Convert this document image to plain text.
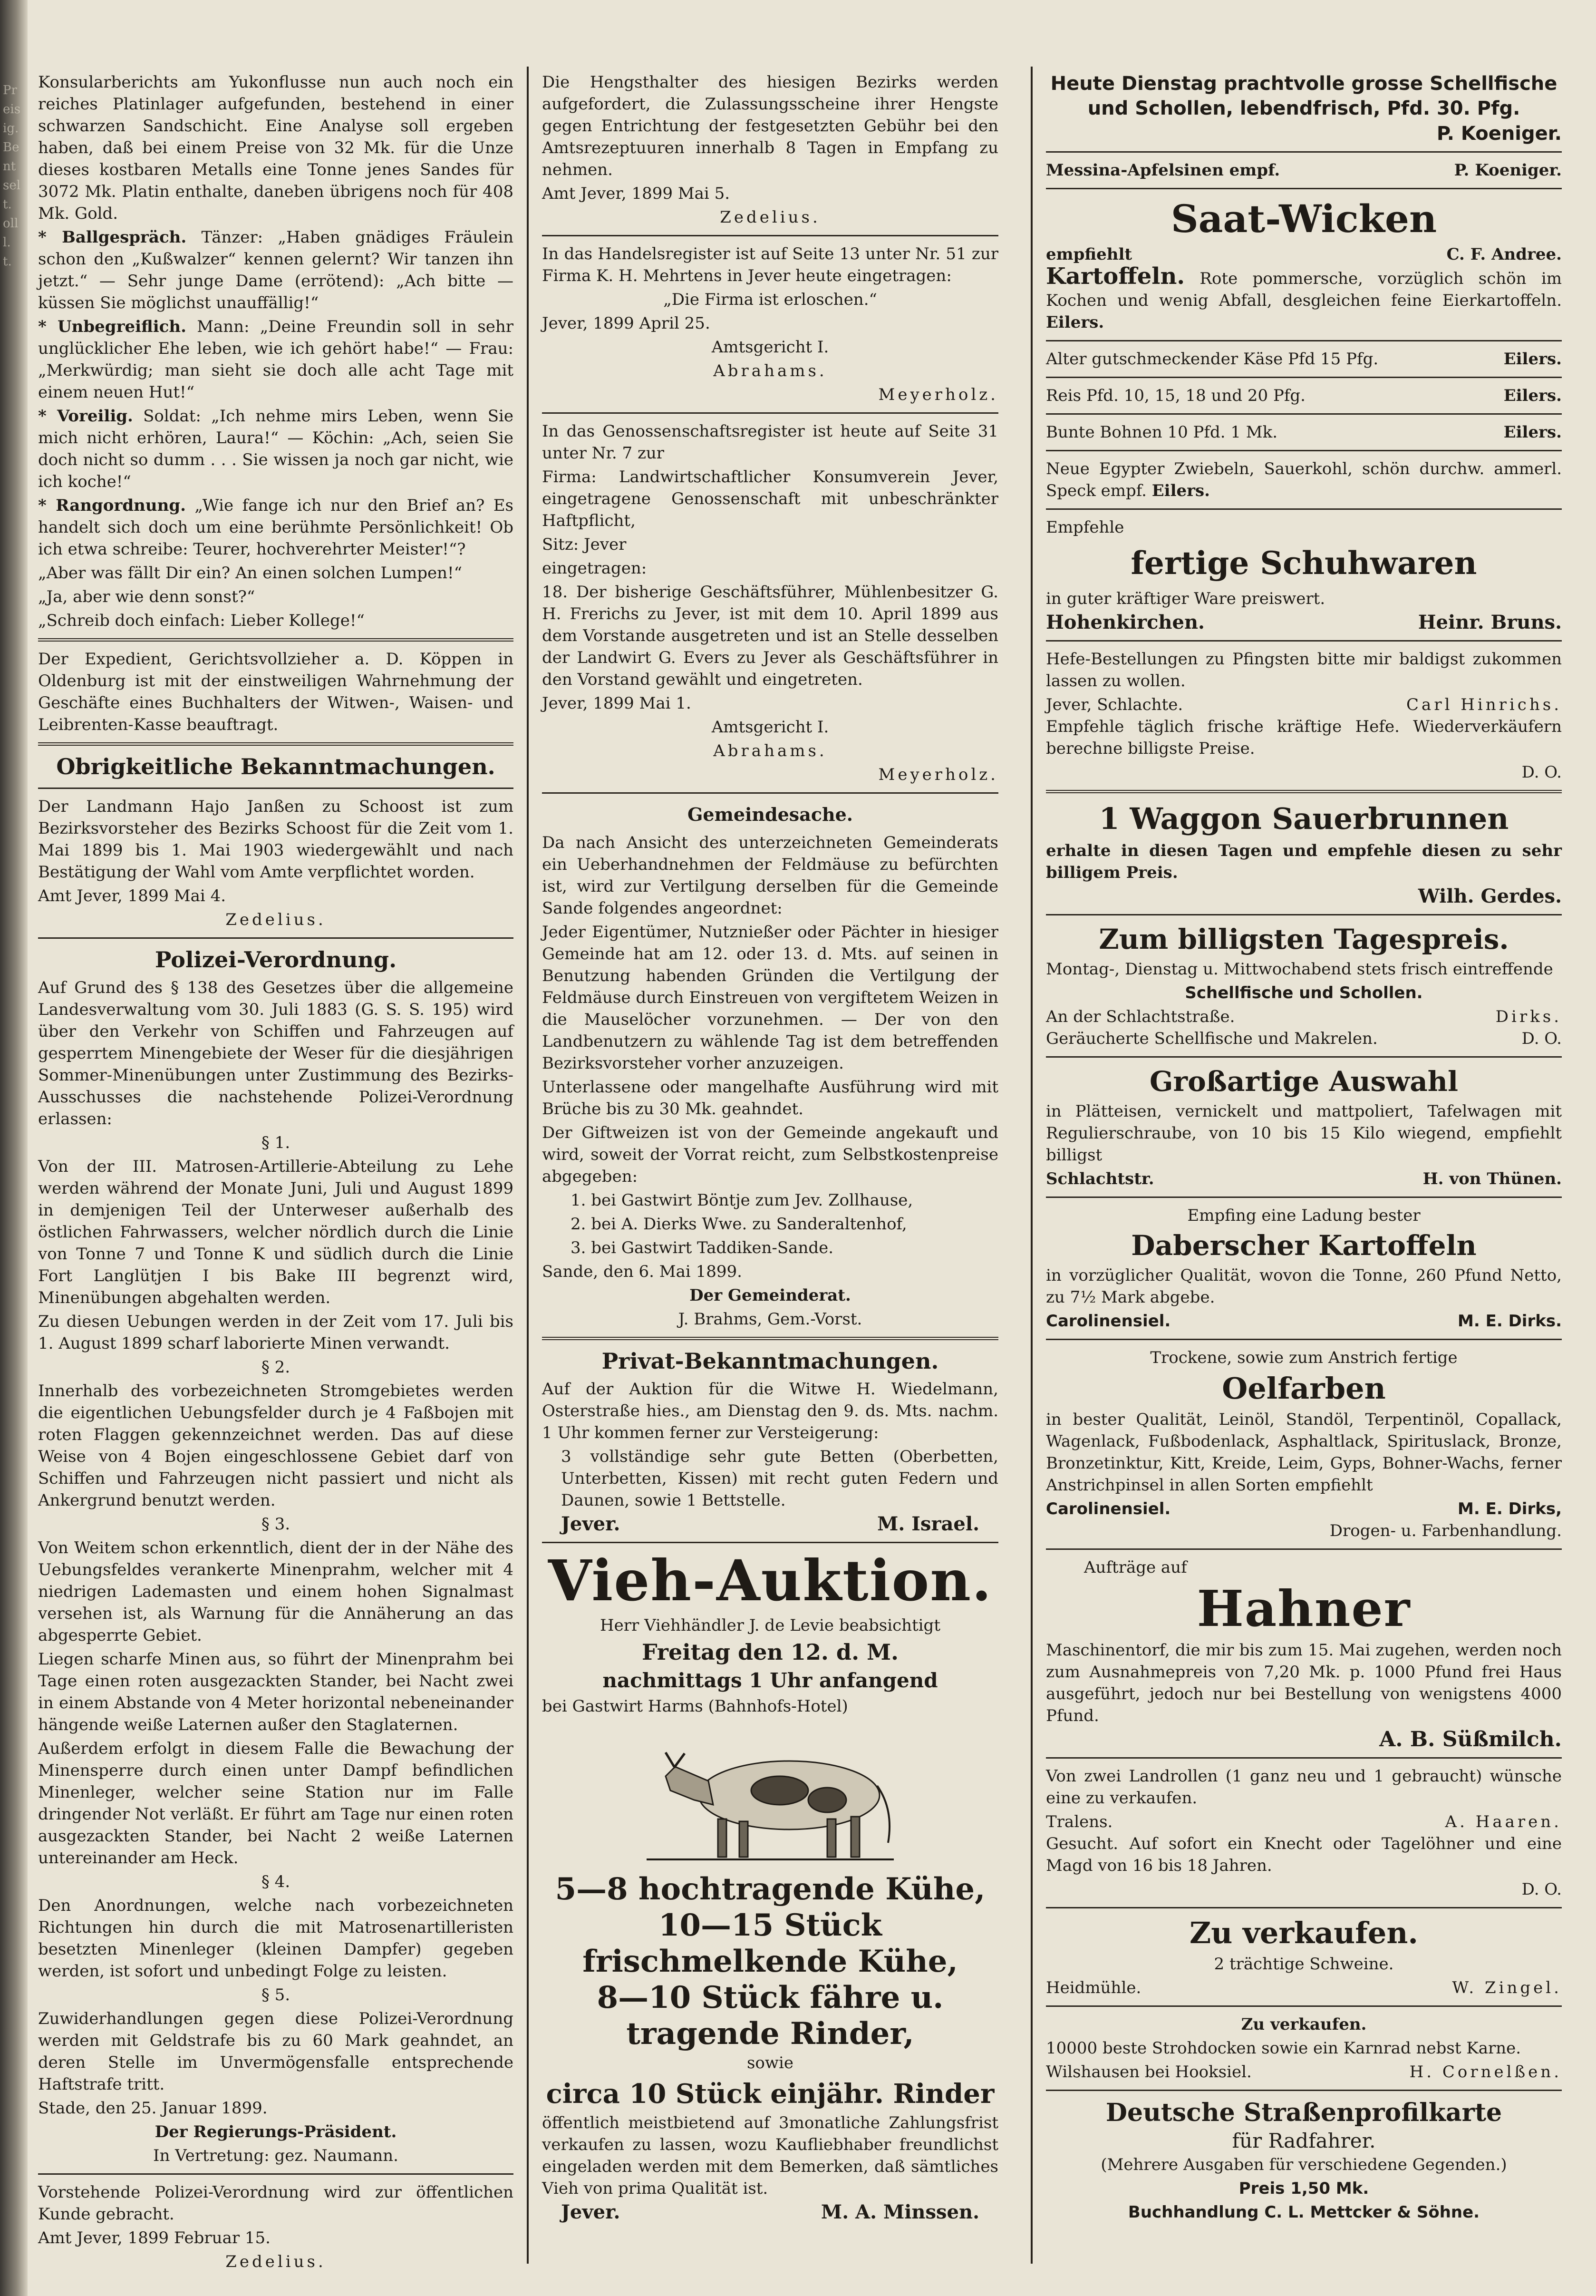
Preis ig. Be nt sel t. oll l. t.

Konsularberichts am Yukonflusse nun auch noch ein reiches Platinlager aufgefunden, bestehend in einer schwarzen Sandschicht. Eine Analyse soll ergeben haben, daß bei einem Preise von 32 Mk. für die Unze dieses kostbaren Metalls eine Tonne jenes Sandes für 3072 Mk. Platin enthalte, daneben übrigens noch für 408 Mk. Gold.

* Ballgespräch. Tänzer: „Haben gnädiges Fräulein schon den „Kußwalzer“ kennen gelernt? Wir tanzen ihn jetzt.“ — Sehr junge Dame (errötend): „Ach bitte — küssen Sie möglichst unauffällig!“

* Unbegreiflich. Mann: „Deine Freundin soll in sehr unglücklicher Ehe leben, wie ich gehört habe!“ — Frau: „Merkwürdig; man sieht sie doch alle acht Tage mit einem neuen Hut!“

* Voreilig. Soldat: „Ich nehme mirs Leben, wenn Sie mich nicht erhören, Laura!“ — Köchin: „Ach, seien Sie doch nicht so dumm . . . Sie wissen ja noch gar nicht, wie ich koche!“

* Rangordnung. „Wie fange ich nur den Brief an? Es handelt sich doch um eine berühmte Persönlichkeit! Ob ich etwa schreibe: Teurer, hochverehrter Meister!“?

„Aber was fällt Dir ein? An einen solchen Lumpen!“

„Ja, aber wie denn sonst?“

„Schreib doch einfach: Lieber Kollege!“

Der Expedient, Gerichtsvollzieher a. D. Köppen in Oldenburg ist mit der einstweiligen Wahrnehmung der Geschäfte eines Buchhalters der Witwen-, Waisen- und Leibrenten-Kasse beauftragt.

Obrigkeitliche Bekanntmachungen.

Der Landmann Hajo Janßen zu Schoost ist zum Bezirksvorsteher des Bezirks Schoost für die Zeit vom 1. Mai 1899 bis 1. Mai 1903 wiedergewählt und nach Bestätigung der Wahl vom Amte verpflichtet worden.

Amt Jever, 1899 Mai 4.

Zedelius.

Polizei-Verordnung.

Auf Grund des § 138 des Gesetzes über die allgemeine Landesverwaltung vom 30. Juli 1883 (G. S. S. 195) wird über den Verkehr von Schiffen und Fahrzeugen auf gesperrtem Minengebiete der Weser für die diesjährigen Sommer-Minenübungen unter Zustimmung des Bezirks-Ausschusses die nachstehende Polizei-Verordnung erlassen:

§ 1.

Von der III. Matrosen-Artillerie-Abteilung zu Lehe werden während der Monate Juni, Juli und August 1899 in demjenigen Teil der Unterweser außerhalb des östlichen Fahrwassers, welcher nördlich durch die Linie von Tonne 7 und Tonne K und südlich durch die Linie Fort Langlütjen I bis Bake III begrenzt wird, Minenübungen abgehalten werden.

Zu diesen Uebungen werden in der Zeit vom 17. Juli bis 1. August 1899 scharf laborierte Minen verwandt.

§ 2.

Innerhalb des vorbezeichneten Stromgebietes werden die eigentlichen Uebungsfelder durch je 4 Faßbojen mit roten Flaggen gekennzeichnet werden. Das auf diese Weise von 4 Bojen eingeschlossene Gebiet darf von Schiffen und Fahrzeugen nicht passiert und nicht als Ankergrund benutzt werden.

§ 3.

Von Weitem schon erkenntlich, dient der in der Nähe des Uebungsfeldes verankerte Minenprahm, welcher mit 4 niedrigen Lademasten und einem hohen Signalmast versehen ist, als Warnung für die Annäherung an das abgesperrte Gebiet.

Liegen scharfe Minen aus, so führt der Minenprahm bei Tage einen roten ausgezackten Stander, bei Nacht zwei in einem Abstande von 4 Meter horizontal nebeneinander hängende weiße Laternen außer den Staglaternen.

Außerdem erfolgt in diesem Falle die Bewachung der Minensperre durch einen unter Dampf befindlichen Minenleger, welcher seine Station nur im Falle dringender Not verläßt. Er führt am Tage nur einen roten ausgezackten Stander, bei Nacht 2 weiße Laternen untereinander am Heck.

§ 4.

Den Anordnungen, welche nach vorbezeichneten Richtungen hin durch die mit Matrosenartilleristen besetzten Minenleger (kleinen Dampfer) gegeben werden, ist sofort und unbedingt Folge zu leisten.

§ 5.

Zuwiderhandlungen gegen diese Polizei-Verordnung werden mit Geldstrafe bis zu 60 Mark geahndet, an deren Stelle im Unvermögensfalle entsprechende Haftstrafe tritt.

Stade, den 25. Januar 1899.

Der Regierungs-Präsident.

In Vertretung: gez. Naumann.

Vorstehende Polizei-Verordnung wird zur öffentlichen Kunde gebracht.

Amt Jever, 1899 Februar 15.

Zedelius.

Die Hengsthalter des hiesigen Bezirks werden aufgefordert, die Zulassungsscheine ihrer Hengste gegen Entrichtung der festgesetzten Gebühr bei den Amtsrezeptuuren innerhalb 8 Tagen in Empfang zu nehmen.

Amt Jever, 1899 Mai 5.

Zedelius.

In das Handelsregister ist auf Seite 13 unter Nr. 51 zur Firma K. H. Mehrtens in Jever heute eingetragen:

„Die Firma ist erloschen.“

Jever, 1899 April 25.

Amtsgericht I.

Abrahams.

Meyerholz.

In das Genossenschaftsregister ist heute auf Seite 31 unter Nr. 7 zur

Firma: Landwirtschaftlicher Konsumverein Jever, eingetragene Genossenschaft mit unbeschränkter Haftpflicht,

Sitz: Jever

eingetragen:

18. Der bisherige Geschäftsführer, Mühlenbesitzer G. H. Frerichs zu Jever, ist mit dem 10. April 1899 aus dem Vorstande ausgetreten und ist an Stelle desselben der Landwirt G. Evers zu Jever als Geschäftsführer in den Vorstand gewählt und eingetreten.

Jever, 1899 Mai 1.

Amtsgericht I.

Abrahams.

Meyerholz.

Gemeindesache.

Da nach Ansicht des unterzeichneten Gemeinderats ein Ueberhandnehmen der Feldmäuse zu befürchten ist, wird zur Vertilgung derselben für die Gemeinde Sande folgendes angeordnet:

Jeder Eigentümer, Nutznießer oder Pächter in hiesiger Gemeinde hat am 12. oder 13. d. Mts. auf seinen in Benutzung habenden Gründen die Vertilgung der Feldmäuse durch Einstreuen von vergiftetem Weizen in die Mauselöcher vorzunehmen. — Der von den Landbenutzern zu wählende Tag ist dem betreffenden Bezirksvorsteher vorher anzuzeigen.

Unterlassene oder mangelhafte Ausführung wird mit Brüche bis zu 30 Mk. geahndet.

Der Giftweizen ist von der Gemeinde angekauft und wird, soweit der Vorrat reicht, zum Selbstkostenpreise abgegeben:

1. bei Gastwirt Böntje zum Jev. Zollhause,

2. bei A. Dierks Wwe. zu Sanderaltenhof,

3. bei Gastwirt Taddiken-Sande.

Sande, den 6. Mai 1899.

Der Gemeinderat.

J. Brahms, Gem.-Vorst.

Privat-Bekanntmachungen.

Auf der Auktion für die Witwe H. Wiedelmann, Osterstraße hies., am Dienstag den 9. ds. Mts. nachm. 1 Uhr kommen ferner zur Versteigerung:

3 vollständige sehr gute Betten (Oberbetten, Unterbetten, Kissen) mit recht guten Federn und Daunen, sowie 1 Bettstelle.

Jever.	M. Israel.
Vieh-Auktion.

Herr Viehhändler J. de Levie beabsichtigt

Freitag den 12. d. M.

nachmittags 1 Uhr anfangend

bei Gastwirt Harms (Bahnhofs-Hotel)

5—8 hochtragende Kühe,
10—15 Stück frischmelkende Kühe,
8—10 Stück fähre u. tragende Rinder,

sowie

circa 10 Stück einjähr. Rinder

öffentlich meistbietend auf 3monatliche Zahlungsfrist verkaufen zu lassen, wozu Kaufliebhaber freundlichst eingeladen werden mit dem Bemerken, daß sämtliches Vieh von prima Qualität ist.

Jever.	M. A. Minssen.

Heute Dienstag prachtvolle grosse Schellfische und Schollen, lebendfrisch, Pfd. 30. Pfg.

P. Koeniger.

Messina-Apfelsinen empf.	P. Koeniger.
Saat-Wicken
empfiehlt	C. F. Andree.

Kartoffeln. Rote pommersche, vorzüglich schön im Kochen und wenig Abfall, desgleichen feine Eierkartoffeln. Eilers.

Alter gutschmeckender Käse Pfd 15 Pfg.	Eilers.
Reis Pfd. 10, 15, 18 und 20 Pfg.	Eilers.
Bunte Bohnen 10 Pfd. 1 Mk.	Eilers.

Neue Egypter Zwiebeln, Sauerkohl, schön durchw. ammerl. Speck empf. Eilers.

Empfehle

fertige Schuhwaren

in guter kräftiger Ware preiswert.

Hohenkirchen.	Heinr. Bruns.

Hefe-Bestellungen zu Pfingsten bitte mir baldigst zukommen lassen zu wollen.

Jever, Schlachte.	Carl Hinrichs.

Empfehle täglich frische kräftige Hefe. Wiederverkäufern berechne billigste Preise.

D. O.

1 Waggon Sauerbrunnen

erhalte in diesen Tagen und empfehle diesen zu sehr billigem Preis.

Wilh. Gerdes.

Zum billigsten Tagespreis.

Montag-, Dienstag u. Mittwochabend stets frisch eintreffende

Schellfische und Schollen.

An der Schlachtstraße.	Dirks.
Geräucherte Schellfische und Makrelen.	D. O.
Großartige Auswahl

in Plätteisen, vernickelt und mattpoliert, Tafelwagen mit Regulierschraube, von 10 bis 15 Kilo wiegend, empfiehlt billigst

Schlachtstr.	H. von Thünen.

Empfing eine Ladung bester

Daberscher Kartoffeln

in vorzüglicher Qualität, wovon die Tonne, 260 Pfund Netto, zu 7½ Mark abgebe.

Carolinensiel.	M. E. Dirks.

Trockene, sowie zum Anstrich fertige

Oelfarben

in bester Qualität, Leinöl, Standöl, Terpentinöl, Copallack, Wagenlack, Fußbodenlack, Asphaltlack, Spirituslack, Bronze, Bronzetinktur, Kitt, Kreide, Leim, Gyps, Bohner-Wachs, ferner Anstrichpinsel in allen Sorten empfiehlt

Carolinensiel.	M. E. Dirks,

Drogen- u. Farbenhandlung.

Aufträge auf

Hahner

Maschinentorf, die mir bis zum 15. Mai zugehen, werden noch zum Ausnahmepreis von 7,20 Mk. p. 1000 Pfund frei Haus ausgeführt, jedoch nur bei Bestellung von wenigstens 4000 Pfund.

A. B. Süßmilch.

Von zwei Landrollen (1 ganz neu und 1 gebraucht) wünsche eine zu verkaufen.

Tralens.	A. Haaren.

Gesucht. Auf sofort ein Knecht oder Tagelöhner und eine Magd von 16 bis 18 Jahren.

D. O.

Zu verkaufen.

2 trächtige Schweine.

Heidmühle.	W. Zingel.

Zu verkaufen.

10000 beste Strohdocken sowie ein Karnrad nebst Karne.

Wilshausen bei Hooksiel.	H. Cornelßen.
Deutsche Straßenprofilkarte

für Radfahrer.

(Mehrere Ausgaben für verschiedene Gegenden.)

Preis 1,50 Mk.

Buchhandlung C. L. Mettcker & Söhne.
